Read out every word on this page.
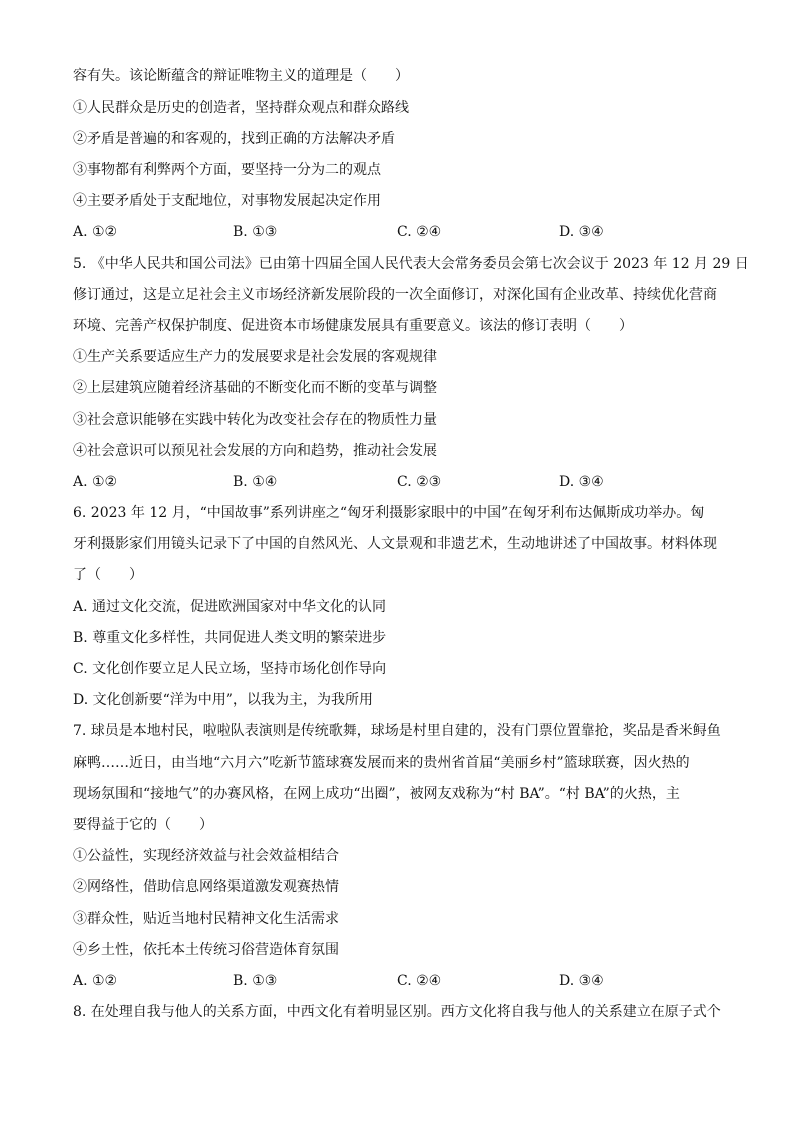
容有失。该论断蕴含的辩证唯物主义的道理是（　　）
①人民群众是历史的创造者，坚持群众观点和群众路线
②矛盾是普遍的和客观的，找到正确的方法解决矛盾
③事物都有利弊两个方面，要坚持一分为二的观点
④主要矛盾处于支配地位，对事物发展起决定作用
A. ①②	B. ①③	C. ②④	D. ③④
5. 《中华人民共和国公司法》已由第十四届全国人民代表大会常务委员会第七次会议于 2023 年 12 月 29 日
修订通过，这是立足社会主义市场经济新发展阶段的一次全面修订，对深化国有企业改革、持续优化营商
环境、完善产权保护制度、促进资本市场健康发展具有重要意义。该法的修订表明（　　）
①生产关系要适应生产力的发展要求是社会发展的客观规律
②上层建筑应随着经济基础的不断变化而不断的变革与调整
③社会意识能够在实践中转化为改变社会存在的物质性力量
④社会意识可以预见社会发展的方向和趋势，推动社会发展
A. ①②	B. ①④	C. ②③	D. ③④
6. 2023 年 12 月，“中国故事”系列讲座之“匈牙利摄影家眼中的中国”在匈牙利布达佩斯成功举办。匈
牙利摄影家们用镜头记录下了中国的自然风光、人文景观和非遗艺术，生动地讲述了中国故事。材料体现
了（　　）
A. 通过文化交流，促进欧洲国家对中华文化的认同
B. 尊重文化多样性，共同促进人类文明的繁荣进步
C. 文化创作要立足人民立场，坚持市场化创作导向
D. 文化创新要“洋为中用”，以我为主，为我所用
7. 球员是本地村民，啦啦队表演则是传统歌舞，球场是村里自建的，没有门票位置靠抢，奖品是香米鲟鱼
麻鸭……近日，由当地“六月六”吃新节篮球赛发展而来的贵州省首届“美丽乡村”篮球联赛，因火热的
现场氛围和“接地气”的办赛风格，在网上成功“出圈”，被网友戏称为“村 BA”。“村 BA”的火热，主
要得益于它的（　　）
①公益性，实现经济效益与社会效益相结合
②网络性，借助信息网络渠道激发观赛热情
③群众性，贴近当地村民精神文化生活需求
④乡土性，依托本土传统习俗营造体育氛围
A. ①②	B. ①③	C. ②④	D. ③④
8. 在处理自我与他人的关系方面，中西文化有着明显区别。西方文化将自我与他人的关系建立在原子式个
